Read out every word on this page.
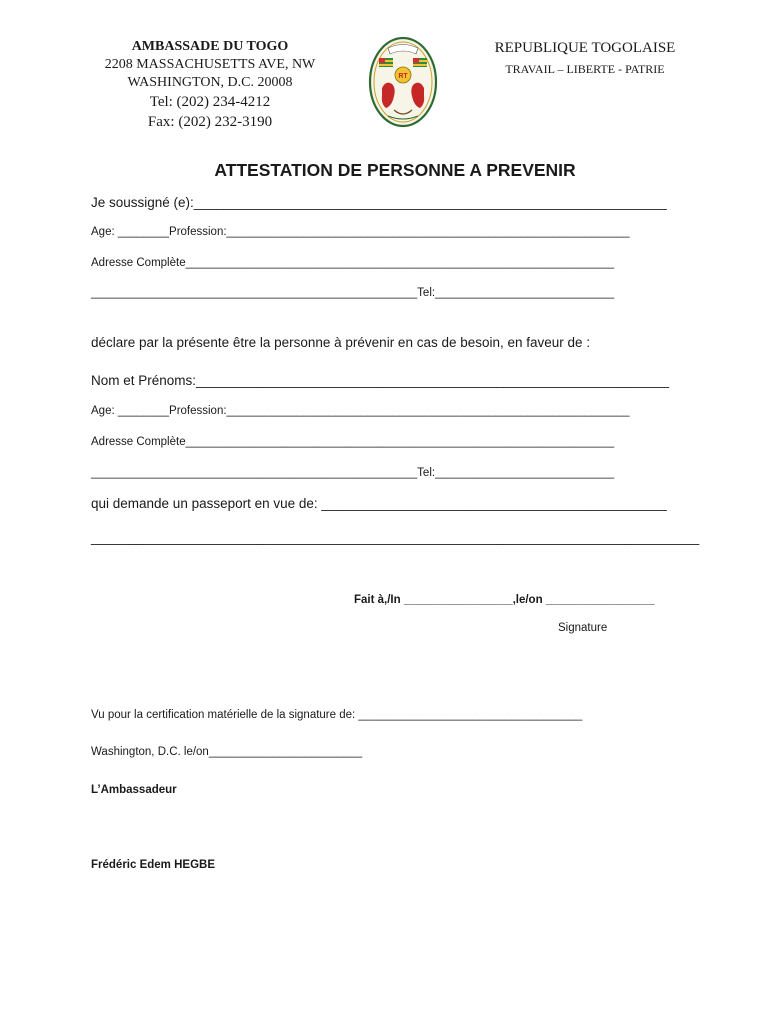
AMBASSADE DU TOGO
2208 MASSACHUSETTS AVE, NW
WASHINGTON, D.C. 20008
Tel: (202) 234-4212
Fax: (202) 232-3190
RT
REPUBLIQUE TOGOLAISE
TRAVAIL – LIBERTE - PATRIE
ATTESTATION DE PERSONNE A PREVENIR
Je soussigné (e):_______________________________________________________________
Age: ________Profession:_______________________________________________________________
Adresse Complète___________________________________________________________________
___________________________________________________Tel:____________________________
déclare par la présente être la personne à prévenir en cas de besoin, en faveur de :
Nom et Prénoms:_______________________________________________________________
Age: ________Profession:_______________________________________________________________
Adresse Complète___________________________________________________________________
___________________________________________________Tel:____________________________
qui demande un passeport en vue de: ______________________________________________
_________________________________________________________________________________
Fait à,/In _________________,le/on _________________
Signature
Vu pour la certification matérielle de la signature de: ___________________________________
Washington, D.C. le/on________________________
L’Ambassadeur
Frédéric Edem HEGBE
